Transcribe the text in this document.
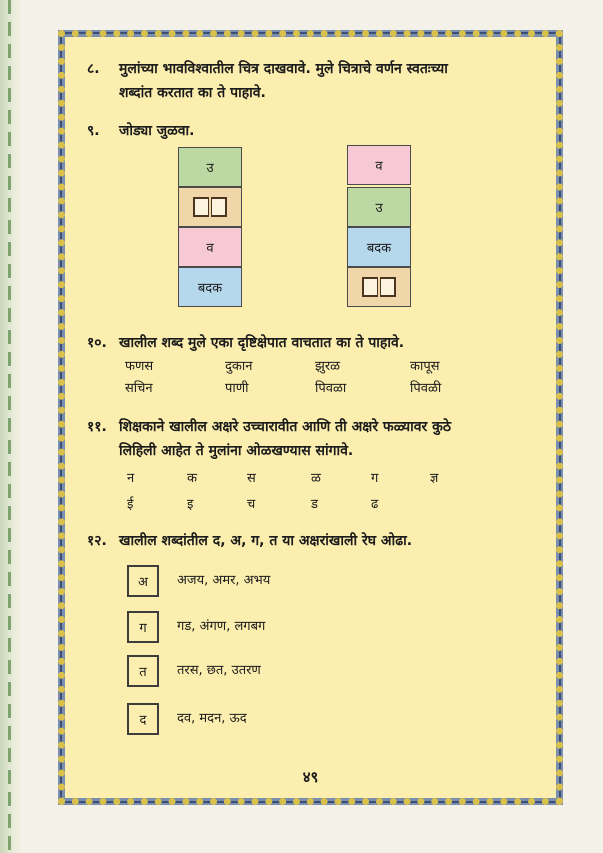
८. मुलांच्या भावविश्वातील चित्र दाखवावे. मुले चित्राचे वर्णन स्वतःच्या
शब्दांत करतात का ते पाहावे.
९. जोड्या जुळवा.
उ
व
बदक
व
उ
बदक
१०. खालील शब्द मुले एका दृष्टिक्षेपात वाचतात का ते पाहावे.
फणस	दुकान	झुरळ	कापूस
सचिन	पाणी	पिवळा	पिवळी
११. शिक्षकाने खालील अक्षरे उच्चारावीत आणि ती अक्षरे फळ्यावर कुठे
लिहिली आहेत ते मुलांना ओळखण्यास सांगावे.
न	क	स	ळ	ग	ज्ञ
ई	इ	च	ड	ढ
१२. खालील शब्दांतील द, अ, ग, त या अक्षरांखाली रेघ ओढा.
अ अजय, अमर, अभय
ग गड, अंगण, लगबग
त तरस, छत, उतरण
द दव, मदन, ऊद
४९
